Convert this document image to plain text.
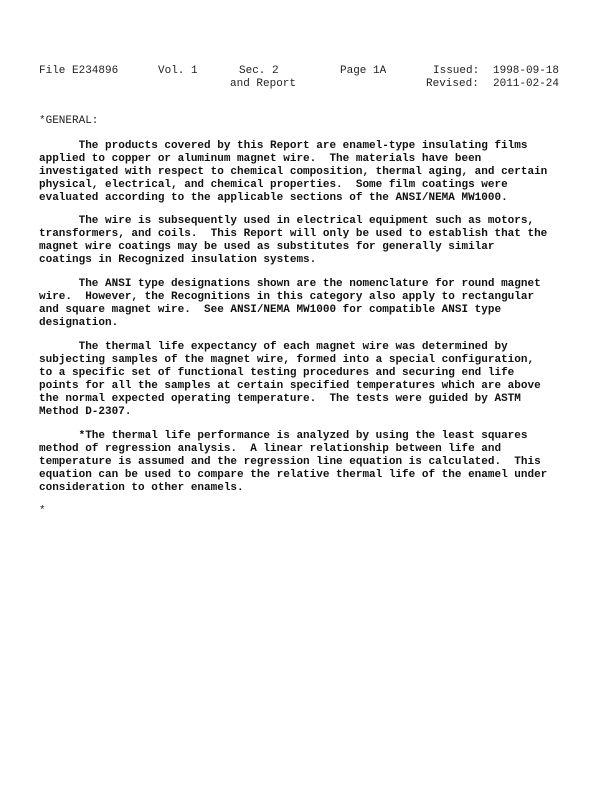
File E234896	Vol. 1	Sec. 2
and Report
Page 1A	Issued: 1998-09-18
Revised: 2011-02-24
*GENERAL:
The products covered by this Report are enamel-type insulating films
applied to copper or aluminum magnet wire.  The materials have been
investigated with respect to chemical composition, thermal aging, and certain
physical, electrical, and chemical properties.  Some film coatings were
evaluated according to the applicable sections of the ANSI/NEMA MW1000.
The wire is subsequently used in electrical equipment such as motors,
transformers, and coils.  This Report will only be used to establish that the
magnet wire coatings may be used as substitutes for generally similar
coatings in Recognized insulation systems.
The ANSI type designations shown are the nomenclature for round magnet
wire.  However, the Recognitions in this category also apply to rectangular
and square magnet wire.  See ANSI/NEMA MW1000 for compatible ANSI type
designation.
The thermal life expectancy of each magnet wire was determined by
subjecting samples of the magnet wire, formed into a special configuration,
to a specific set of functional testing procedures and securing end life
points for all the samples at certain specified temperatures which are above
the normal expected operating temperature.  The tests were guided by ASTM
Method D-2307.
*The thermal life performance is analyzed by using the least squares
method of regression analysis.  A linear relationship between life and
temperature is assumed and the regression line equation is calculated.  This
equation can be used to compare the relative thermal life of the enamel under
consideration to other enamels.
*
